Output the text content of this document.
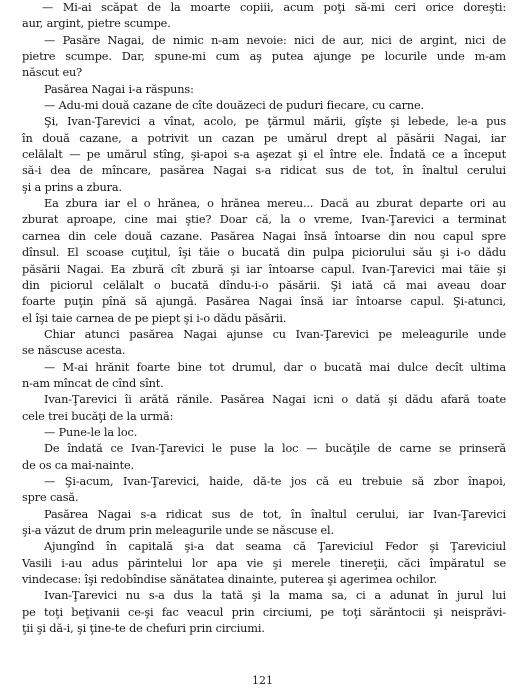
— Mi-ai scăpat de la moarte copiii, acum poţi să-mi ceri orice doreşti:
aur, argint, pietre scumpe.
— Pasăre Nagai, de nimic n-am nevoie: nici de aur, nici de argint, nici de
pietre scumpe. Dar, spune-mi cum aş putea ajunge pe locurile unde m-am
născut eu?
Pasărea Nagai i-a răspuns:
— Adu-mi două cazane de cîte douăzeci de puduri fiecare, cu carne.
Şi, Ivan-Ţarevici a vînat, acolo, pe ţărmul mării, gîşte şi lebede, le-a pus
în două cazane, a potrivit un cazan pe umărul drept al păsării Nagai, iar
celălalt — pe umărul stîng, şi-apoi s-a aşezat şi el între ele. Îndată ce a început
să-i dea de mîncare, pasărea Nagai s-a ridicat sus de tot, în înaltul cerului
şi a prins a zbura.
Ea zbura iar el o hrănea, o hrănea mereu... Dacă au zburat departe ori au
zburat aproape, cine mai ştie? Doar că, la o vreme, Ivan-Ţarevici a terminat
carnea din cele două cazane. Pasărea Nagai însă întoarse din nou capul spre
dînsul. El scoase cuţitul, îşi tăie o bucată din pulpa piciorului său şi i-o dădu
păsării Nagai. Ea zbură cît zbură şi iar întoarse capul. Ivan-Ţarevici mai tăie şi
din piciorul celălalt o bucată dîndu-i-o păsării. Şi iată că mai aveau doar
foarte puţin pînă să ajungă. Pasărea Nagai însă iar întoarse capul. Şi-atunci,
el îşi taie carnea de pe piept şi i-o dădu păsării.
Chiar atunci pasărea Nagai ajunse cu Ivan-Ţarevici pe meleagurile unde
se născuse acesta.
— M-ai hrănit foarte bine tot drumul, dar o bucată mai dulce decît ultima
n-am mîncat de cînd sînt.
Ivan-Ţarevici îi arătă rănile. Pasărea Nagai icni o dată şi dădu afară toate
cele trei bucăţi de la urmă:
— Pune-le la loc.
De îndată ce Ivan-Ţarevici le puse la loc — bucăţile de carne se prinseră
de os ca mai-nainte.
— Şi-acum, Ivan-Ţarevici, haide, dă-te jos că eu trebuie să zbor înapoi,
spre casă.
Pasărea Nagai s-a ridicat sus de tot, în înaltul cerului, iar Ivan-Ţarevici
şi-a văzut de drum prin meleagurile unde se născuse el.
Ajungînd în capitală şi-a dat seama că Ţareviciul Fedor şi Ţareviciul
Vasili i-au adus părintelui lor apa vie şi merele tinereţii, căci împăratul se
vindecase: îşi redobîndise sănătatea dinainte, puterea şi agerimea ochilor.
Ivan-Ţarevici nu s-a dus la tată şi la mama sa, ci a adunat în jurul lui
pe toţi beţivanii ce-şi fac veacul prin circiumi, pe toţi sărăntocii şi neisprăvi-
ţii şi dă-i, şi ţine-te de chefuri prin circiumi.
121
